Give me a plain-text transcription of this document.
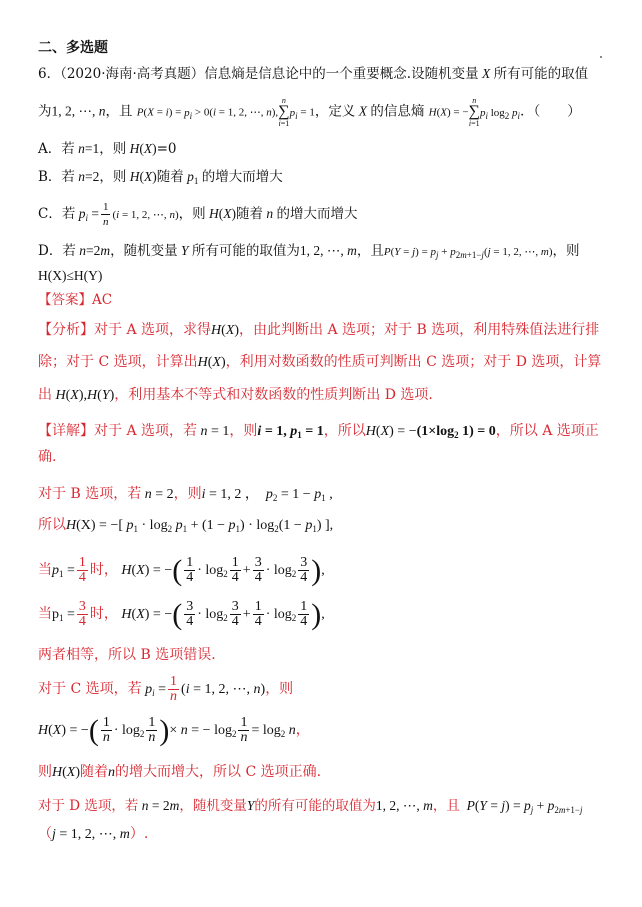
二、多选题
6．（2020·海南·高考真题）信息熵是信息论中的一个重要概念.设随机变量 X 所有可能的取值
为1, 2, ⋯, n，且 $P(X = i) = p_i > 0(i = 1$, 2, ⋯, n),
n
∑
i=1
$p_i = 1$，定义 X 的信息熵 H(X) = −
n
∑
i=1
$p_i$ $\log_2 p_i$．（　　）
A．若 n=1，则 H(X)=0
B．若 n=2，则 H(X)随着 $p_1$ 的增大而增大
C．若 $p_i = \frac{1}{n} (i = 1$, 2, ⋯, n)，则 H(X)随着 n 的增大而增大
D．若 n=2m，随机变量 Y 所有可能的取值为1, 2, ⋯, m，且$P(Y = j) = p_j + p_{2m+1-j}(j = 1$, 2, ⋯, m)，则
H(X)≤H(Y)
【答案】AC
【分析】对于 A 选项，求得H(X)，由此判断出 A 选项；对于 B 选项，利用特殊值法进行排
除；对于 C 选项，计算出H(X)，利用对数函数的性质可判断出 C 选项；对于 D 选项，计算
出 H(X),H(Y)，利用基本不等式和对数函数的性质判断出 D 选项.
【详解】对于 A 选项，若 n = 1，则i = 1, $p_1 = 1$，所以$H(X) = -(1\times\log_2$ 1) = 0，所以 A 选项正
确.
对于 B 选项，若 n = 2，则i = 1, 2 ，  $p_2 = 1 - p_1$ ,
所以H(X) = −[ $p_1 \cdot \log_2 p_1 + (1 - p_1) \cdot \log_2(1 - p_1)$ ],
当$p_1 = \frac{1}{4}$ 时， H(X) = −( $\frac{1}{4} \cdot \log_2 \frac{1}{4} + \frac{3}{4} \cdot \log_2 \frac{3}{4}$ ),
当$p_1 = \frac{3}{4}$ 时， H(X) = −( $\frac{3}{4} \cdot \log_2 \frac{3}{4} + \frac{1}{4} \cdot \log_2 \frac{1}{4}$ ),
两者相等，所以 B 选项错误.
对于 C 选项，若 $p_i = \frac{1}{n} (i = 1$, 2, ⋯, n)，则
H(X) = −( $\frac{1}{n} \cdot \log_2 \frac{1}{n}$ )× n = − $\log_2 \frac{1}{n} = \log_2 n$，
则H(X)随着n的增大而增大，所以 C 选项正确.
对于 D 选项，若 n = 2m，随机变量Y的所有可能的取值为1, 2, ⋯, m，且 $P(Y = j) = p_j + p_{2m+1-j}$
（j = 1, 2, ⋯, m）.
